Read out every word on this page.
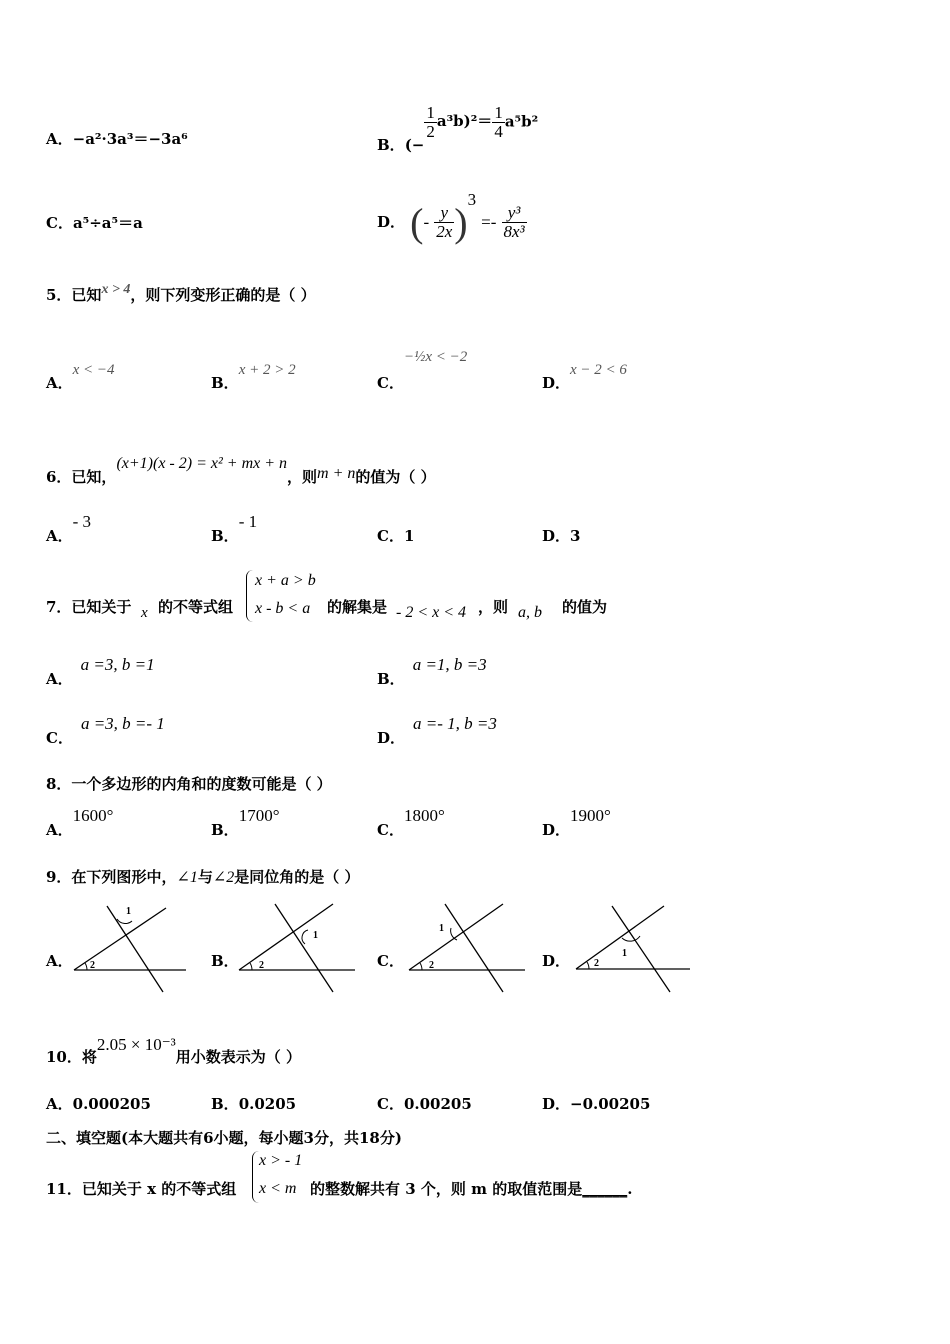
A．−a²·3a³＝−3a⁶	B．(−
$\frac{1}{2} a^3b)^2= \frac{1}{4} a^5b^2$
C．a⁵÷a⁵＝a	D． (- $\frac{y}{2x} )^3 =- \frac{\text{y³}}{\text{8x³}}$
5．已知x > 4，则下列变形正确的是（ ）
A．x < −4
B．x + 2 > 2
C．−½x < −2
D．x − 2 < 6
6．已知，(x+1)(x - 2) = x² + mx + n，则m + n的值为（ ）
A．- 3
B．- 1
C．1	D．3
7．已知关于 x 的不等式组
x + a > b
x - b < a 的解集是 - 2 < x < 4 ，则 a, b 的值为
A．a =3, b =1
B．a =1, b =3
C．a =3, b =- 1
D．a =- 1, b =3
8．一个多边形的内角和的度数可能是（ ）
A．1600°
B．1700°
C．1800°
D．1900°
9．在下列图形中，∠1与∠2是同位角的是（ ）
A．
1
2	B．
1
2	C．
1
2	D．	1
2
10．将2.05 × 10⁻³用小数表示为（ ）
A．0.000205	B．0.0205	C．0.00205	D．−0.00205
二、填空题(本大题共有6小题，每小题3分，共18分)
11．已知关于 x 的不等式组
x > - 1
x < m 的整数解共有 3 个，则 m 的取值范围是______.
